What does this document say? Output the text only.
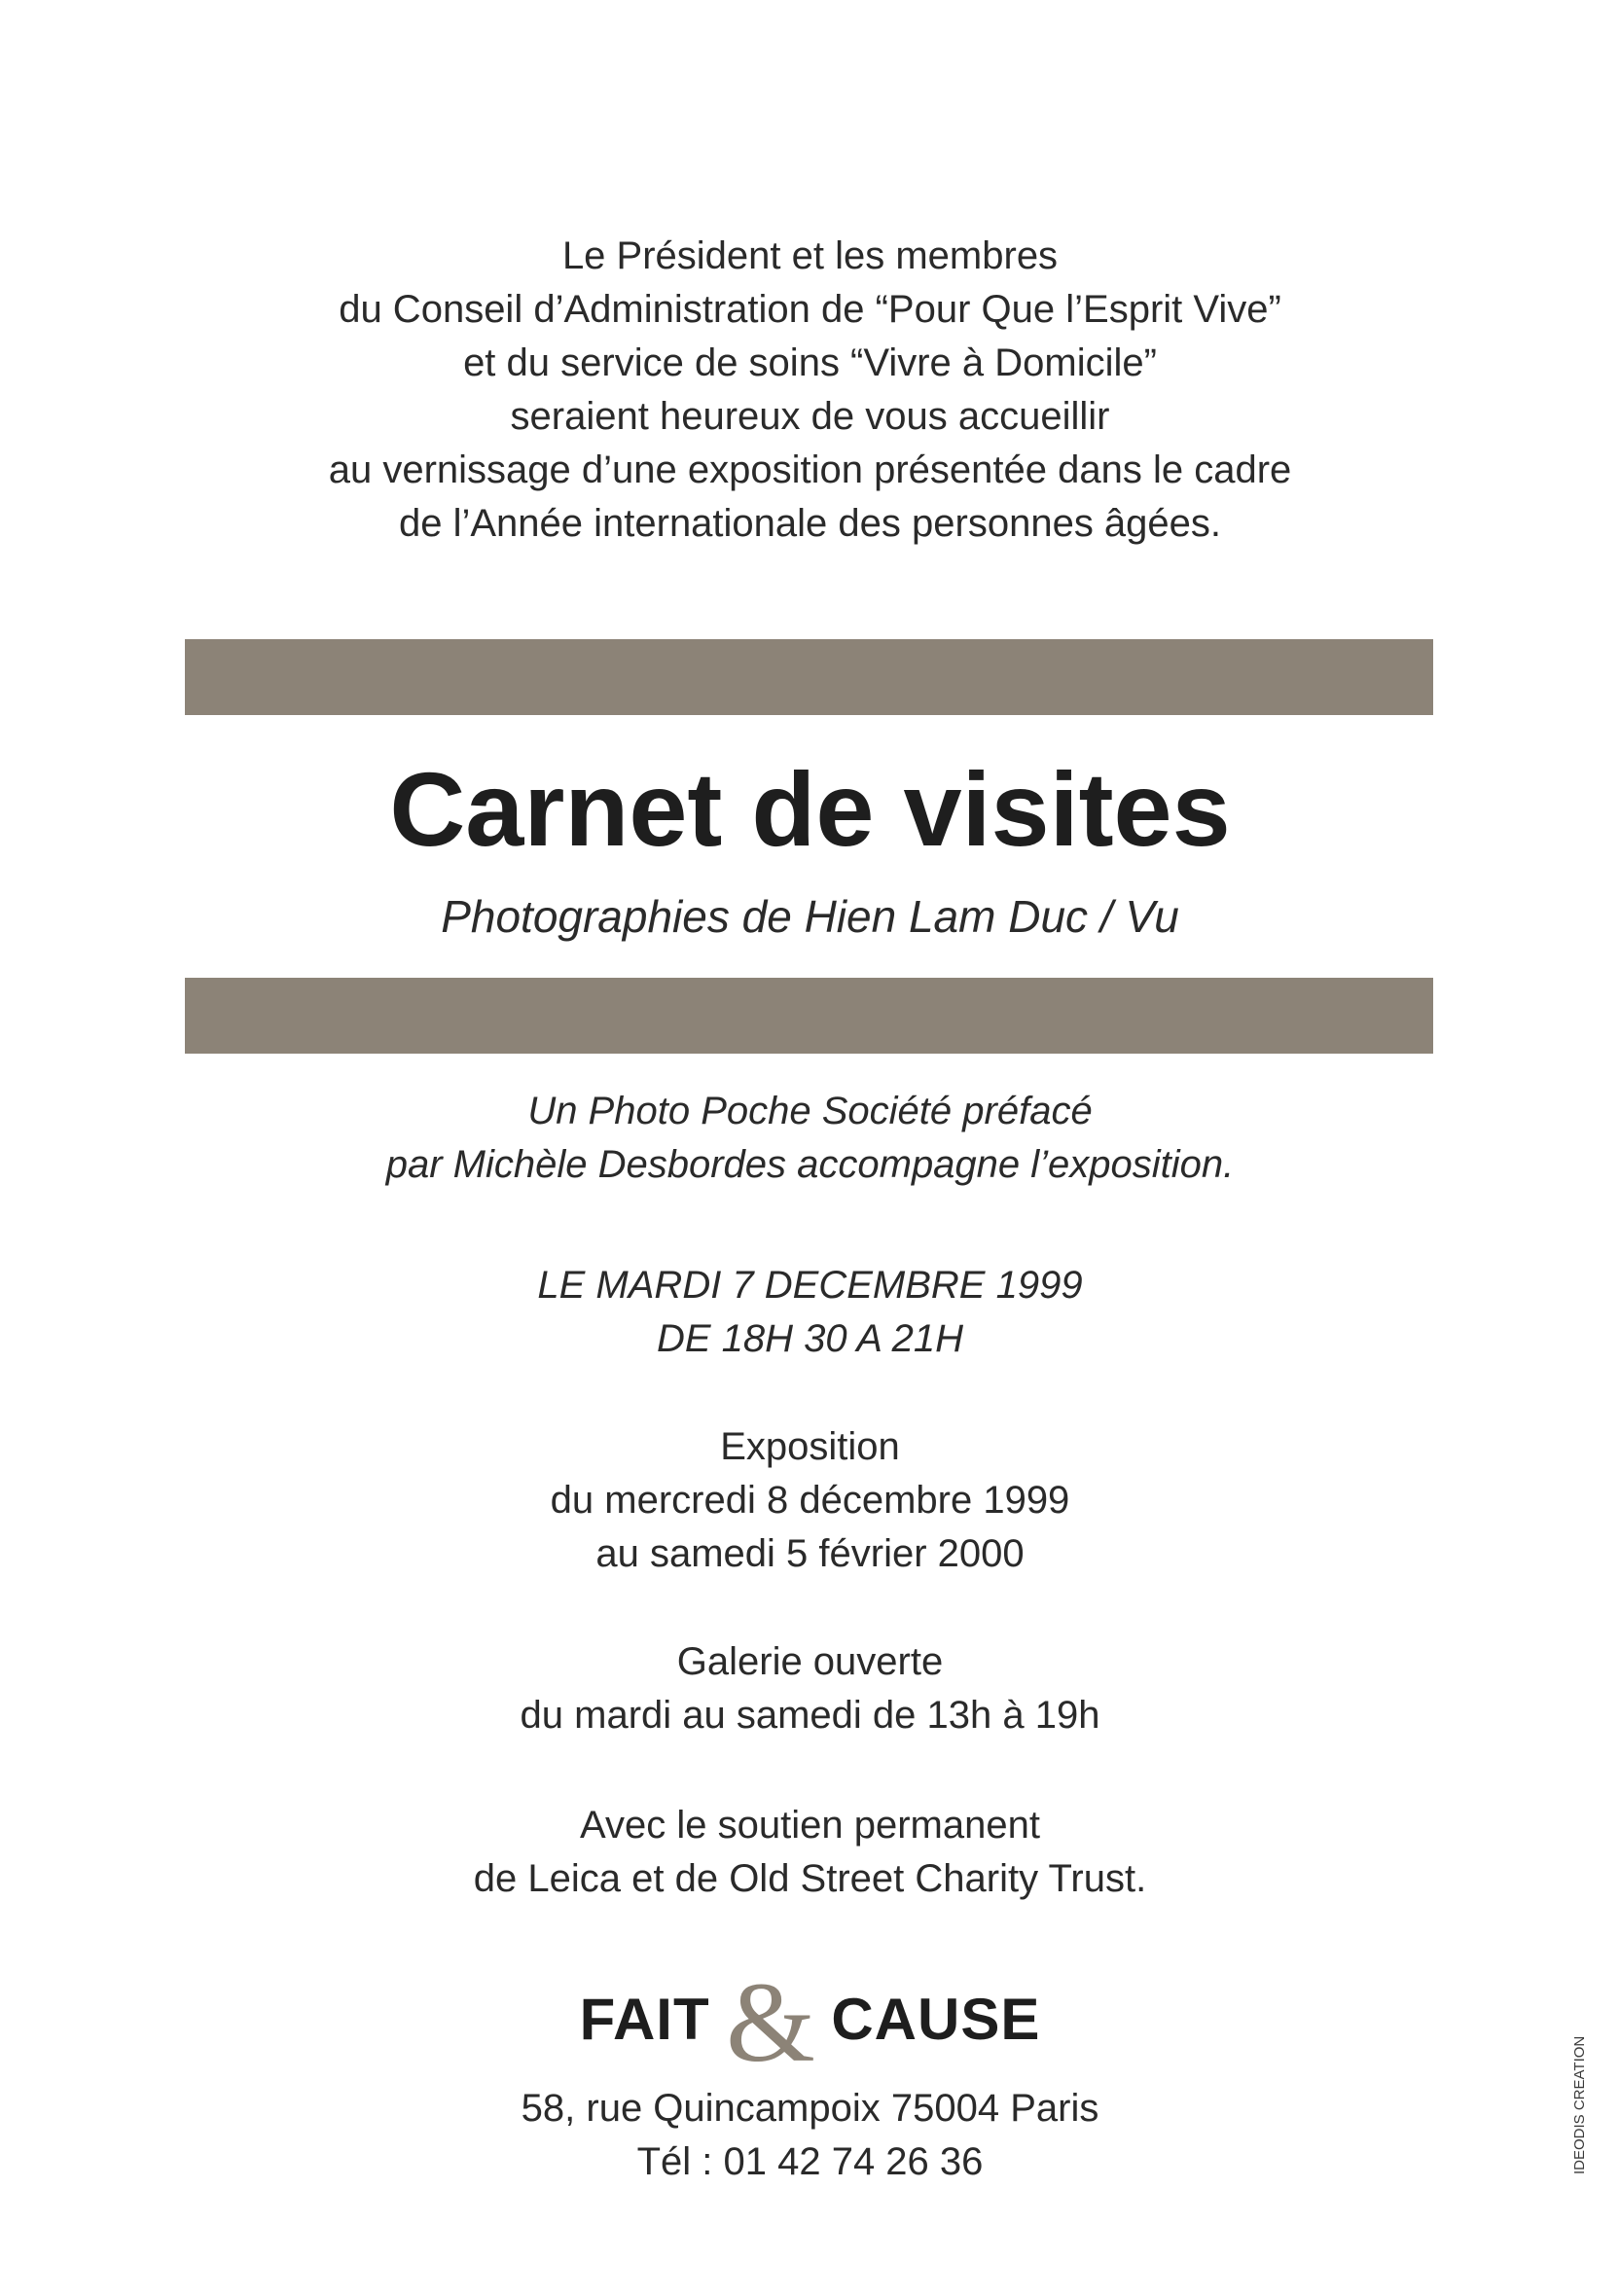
Le Président et les membres
du Conseil d’Administration de “Pour Que l’Esprit Vive”
et du service de soins “Vivre à Domicile”
seraient heureux de vous accueillir
au vernissage d’une exposition présentée dans le cadre
de l’Année internationale des personnes âgées.
Carnet de visites
Photographies de Hien Lam Duc / Vu
Un Photo Poche Société préfacé
par Michèle Desbordes accompagne l’exposition.
LE MARDI 7 DECEMBRE 1999
DE 18H 30 A 21H
Exposition
du mercredi 8 décembre 1999
au samedi 5 février 2000
Galerie ouverte
du mardi au samedi de 13h à 19h
Avec le soutien permanent
de Leica et de Old Street Charity Trust.
FAIT & CAUSE
58, rue Quincampoix 75004 Paris
Tél : 01 42 74 26 36	IDEODIS CREATION
